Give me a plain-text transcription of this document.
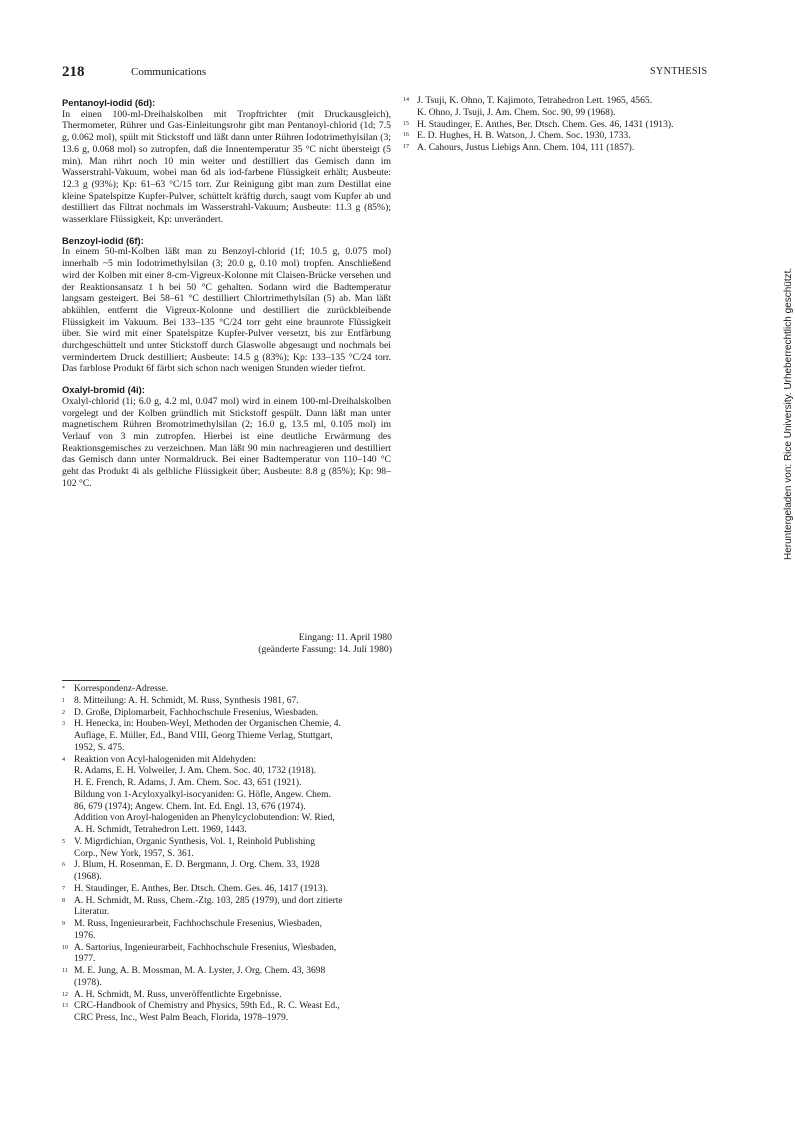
218	Communications	SYNTHESIS

Pentanoyl-iodid (6d):

In einen 100-ml-Dreihalskolben mit Tropftrichter (mit Druckausgleich), Thermometer, Rührer und Gas-Einleitungsrohr gibt man Pentanoyl-chlorid (1d; 7.5 g, 0.062 mol), spült mit Stickstoff und läßt dann unter Rühren Iodotrimethylsilan (3; 13.6 g, 0.068 mol) so zutropfen, daß die Innentemperatur 35 °C nicht übersteigt (5 min). Man rührt noch 10 min weiter und destilliert das Gemisch dann im Wasserstrahl-Vakuum, wobei man 6d als iod-farbene Flüssigkeit erhält; Ausbeute: 12.3 g (93%); Kp: 61–63 °C/15 torr. Zur Reinigung gibt man zum Destillat eine kleine Spatelspitze Kupfer-Pulver, schüttelt kräftig durch, saugt vom Kupfer ab und destilliert das Filtrat nochmals im Wasserstrahl-Vakuum; Ausbeute: 11.3 g (85%); wasserklare Flüssigkeit, Kp: unverändert.

Benzoyl-iodid (6f):

In einem 50-ml-Kolben läßt man zu Benzoyl-chlorid (1f; 10.5 g, 0.075 mol) innerhalb ~5 min Iodotrimethylsilan (3; 20.0 g, 0.10 mol) tropfen. Anschließend wird der Kolben mit einer 8-cm-Vigreux-Kolonne mit Claisen-Brücke versehen und der Reaktionsansatz 1 h bei 50 °C gehalten. Sodann wird die Badtemperatur langsam gesteigert. Bei 58–61 °C destilliert Chlortrimethylsilan (5) ab. Man läßt abkühlen, entfernt die Vigreux-Kolonne und destilliert die zurückbleibende Flüssigkeit im Vakuum. Bei 133–135 °C/24 torr geht eine braunrote Flüssigkeit über. Sie wird mit einer Spatelspitze Kupfer-Pulver versetzt, bis zur Entfärbung durchgeschüttelt und unter Stickstoff durch Glaswolle abgesaugt und nochmals bei vermindertem Druck destilliert; Ausbeute: 14.5 g (83%); Kp: 133–135 °C/24 torr. Das farblose Produkt 6f färbt sich schon nach wenigen Stunden wieder tiefrot.

Oxalyl-bromid (4i):

Oxalyl-chlorid (1i; 6.0 g, 4.2 ml, 0.047 mol) wird in einem 100-ml-Dreihalskolben vorgelegt und der Kolben gründlich mit Stickstoff gespült. Dann läßt man unter magnetischem Rühren Bromotrimethylsilan (2; 16.0 g, 13.5 ml, 0.105 mol) im Verlauf von 3 min zutropfen. Hierbei ist eine deutliche Erwärmung des Reaktionsgemisches zu verzeichnen. Man läßt 90 min nachreagieren und destilliert das Gemisch dann unter Normaldruck. Bei einer Badtemperatur von 110–140 °C geht das Produkt 4i als gelbliche Flüssigkeit über; Ausbeute: 8.8 g (85%); Kp: 98–102 °C.

Eingang: 11. April 1980
(geänderte Fassung: 14. Juli 1980)
* Korrespondenz-Adresse.
1 8. Mitteilung: A. H. Schmidt, M. Russ, Synthesis 1981, 67.
2 D. Große, Diplomarbeit, Fachhochschule Fresenius, Wiesbaden.
3 H. Henecka, in: Houben-Weyl, Methoden der Organischen Chemie, 4.
Auflage, E. Müller, Ed., Band VIII, Georg Thieme Verlag, Stuttgart,
1952, S. 475.
4 Reaktion von Acyl-halogeniden mit Aldehyden:
R. Adams, E. H. Volweiler, J. Am. Chem. Soc. 40, 1732 (1918).
H. E. French, R. Adams, J. Am. Chem. Soc. 43, 651 (1921).
Bildung von 1-Acyloxyalkyl-isocyaniden: G. Höfle, Angew. Chem.
86, 679 (1974); Angew. Chem. Int. Ed. Engl. 13, 676 (1974).
Addition von Aroyl-halogeniden an Phenylcyclobutendion: W. Ried,
A. H. Schmidt, Tetrahedron Lett. 1969, 1443.
5 V. Migrdichian, Organic Synthesis, Vol. 1, Reinhold Publishing
Corp., New York, 1957, S. 361.
6 J. Blum, H. Rosenman, E. D. Bergmann, J. Org. Chem. 33, 1928
(1968).
7 H. Staudinger, E. Anthes, Ber. Dtsch. Chem. Ges. 46, 1417 (1913).
8 A. H. Schmidt, M. Russ, Chem.-Ztg. 103, 285 (1979), und dort zitierte
Literatur.
9 M. Russ, Ingenieurarbeit, Fachhochschule Fresenius, Wiesbaden,
1976.
10 A. Sartorius, Ingenieurarbeit, Fachhochschule Fresenius, Wiesbaden,
1977.
11 M. E. Jung, A. B. Mossman, M. A. Lyster, J. Org. Chem. 43, 3698
(1978).
12 A. H. Schmidt, M. Russ, unveröffentlichte Ergebnisse.
13 CRC-Handbook of Chemistry and Physics, 59th Ed., R. C. Weast Ed.,
CRC Press, Inc., West Palm Beach, Florida, 1978–1979.
14 J. Tsuji, K. Ohno, T. Kajimoto, Tetrahedron Lett. 1965, 4565.
K. Ohno, J. Tsuji, J. Am. Chem. Soc. 90, 99 (1968).
15 H. Staudinger, E. Anthes, Ber. Dtsch. Chem. Ges. 46, 1431 (1913).
16 E. D. Hughes, H. B. Watson, J. Chem. Soc. 1930, 1733.
17 A. Cahours, Justus Liebigs Ann. Chem. 104, 111 (1857).
Heruntergeladen von: Rice University. Urheberrechtlich geschützt.
